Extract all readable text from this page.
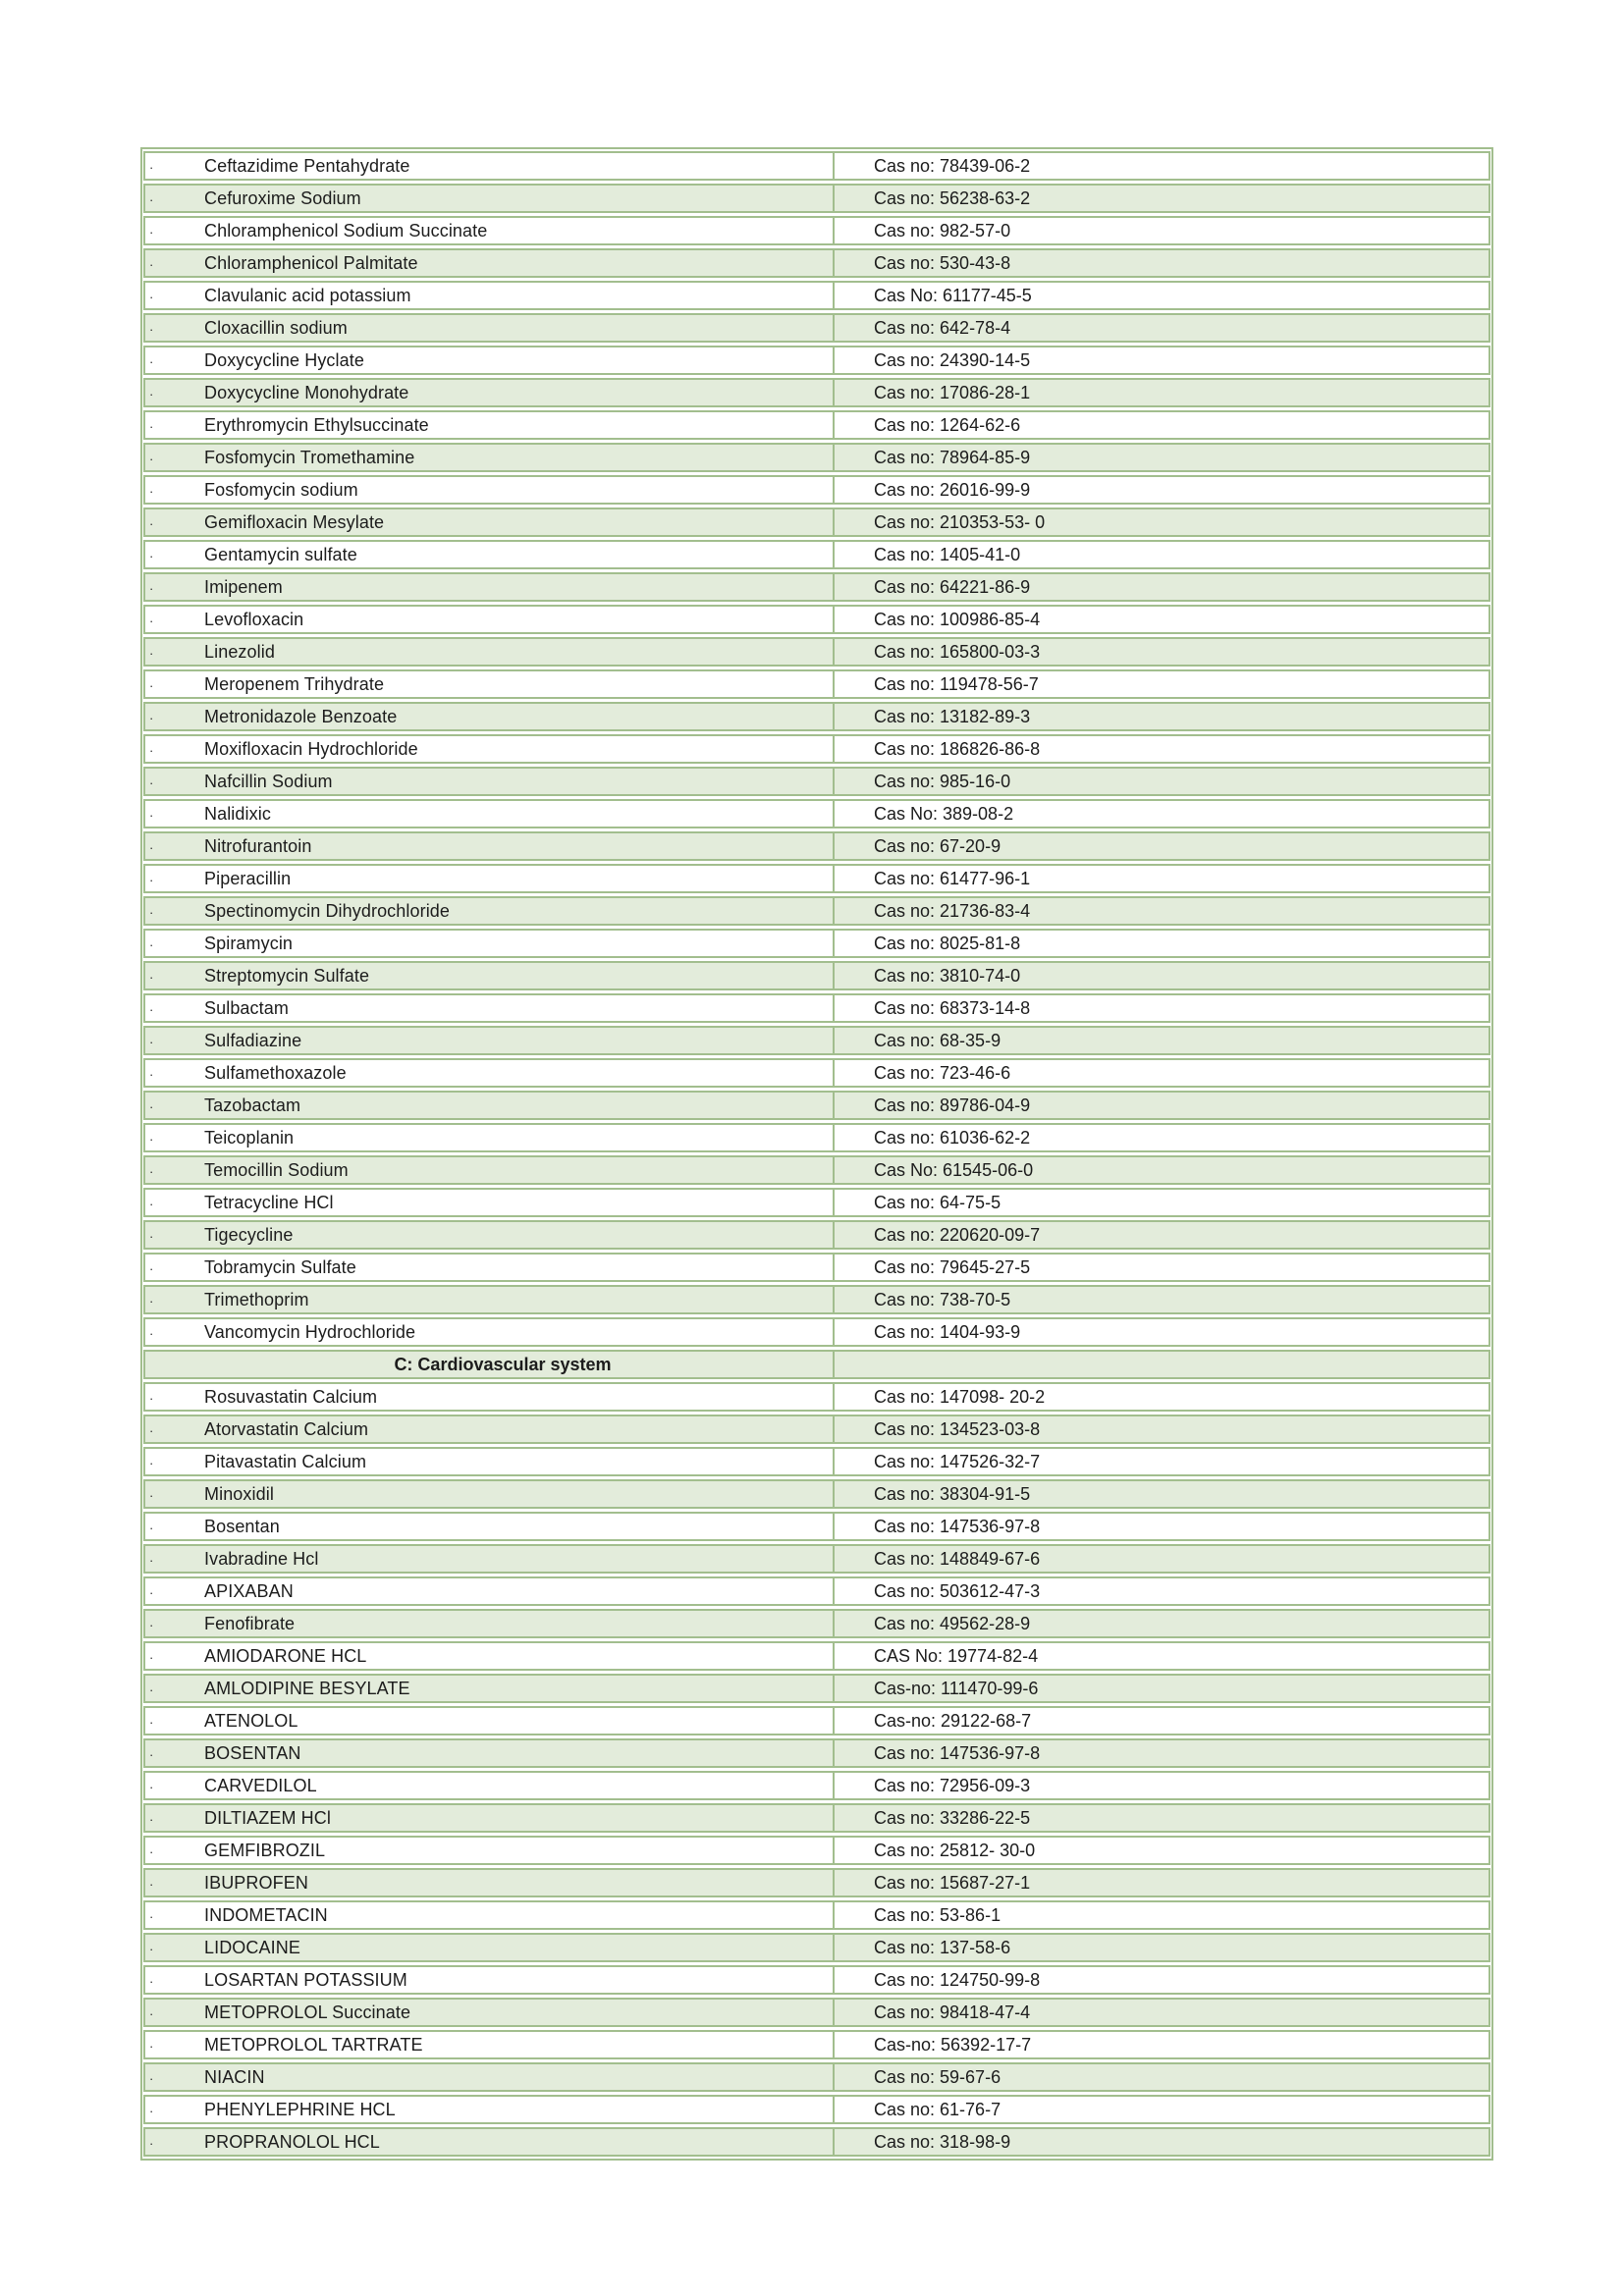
·	Ceftazidime Pentahydrate	Cas no: 78439-06-2
·	Cefuroxime Sodium	Cas no: 56238-63-2
·	Chloramphenicol Sodium Succinate	Cas no: 982-57-0
·	Chloramphenicol Palmitate	Cas no: 530-43-8
·	Clavulanic acid potassium	Cas No: 61177-45-5
·	Cloxacillin sodium	Cas no: 642-78-4
·	Doxycycline Hyclate	Cas no: 24390-14-5
·	Doxycycline Monohydrate	Cas no: 17086-28-1
·	Erythromycin Ethylsuccinate	Cas no: 1264-62-6
·	Fosfomycin Tromethamine	Cas no: 78964-85-9
·	Fosfomycin sodium	Cas no: 26016-99-9
·	Gemifloxacin Mesylate	Cas no: 210353-53- 0
·	Gentamycin sulfate	Cas no: 1405-41-0
·	Imipenem	Cas no: 64221-86-9
·	Levofloxacin	Cas no: 100986-85-4
·	Linezolid	Cas no: 165800-03-3
·	Meropenem Trihydrate	Cas no: 119478-56-7
·	Metronidazole Benzoate	Cas no: 13182-89-3
·	Moxifloxacin Hydrochloride	Cas no: 186826-86-8
·	Nafcillin Sodium	Cas no: 985-16-0
·	Nalidixic	Cas No: 389-08-2
·	Nitrofurantoin	Cas no: 67-20-9
·	Piperacillin	Cas no: 61477-96-1
·	Spectinomycin Dihydrochloride	Cas no: 21736-83-4
·	Spiramycin	Cas no: 8025-81-8
·	Streptomycin Sulfate	Cas no: 3810-74-0
·	Sulbactam	Cas no: 68373-14-8
·	Sulfadiazine	Cas no: 68-35-9
·	Sulfamethoxazole	Cas no: 723-46-6
·	Tazobactam	Cas no: 89786-04-9
·	Teicoplanin	Cas no: 61036-62-2
·	Temocillin Sodium	Cas No: 61545-06-0
·	Tetracycline HCl	Cas no: 64-75-5
·	Tigecycline	Cas no: 220620-09-7
·	Tobramycin Sulfate	Cas no: 79645-27-5
·	Trimethoprim	Cas no: 738-70-5
·	Vancomycin Hydrochloride	Cas no: 1404-93-9
C: Cardiovascular system
·	Rosuvastatin Calcium	Cas no: 147098- 20-2
·	Atorvastatin Calcium	Cas no: 134523-03-8
·	Pitavastatin Calcium	Cas no: 147526-32-7
·	Minoxidil	Cas no: 38304-91-5
·	Bosentan	Cas no: 147536-97-8
·	Ivabradine Hcl	Cas no: 148849-67-6
·	APIXABAN	Cas no: 503612-47-3
·	Fenofibrate	Cas no: 49562-28-9
·	AMIODARONE HCL	CAS No: 19774-82-4
·	AMLODIPINE BESYLATE	Cas-no: 111470-99-6
·	ATENOLOL	Cas-no: 29122-68-7
·	BOSENTAN	Cas no: 147536-97-8
·	CARVEDILOL	Cas no: 72956-09-3
·	DILTIAZEM HCl	Cas no: 33286-22-5
·	GEMFIBROZIL	Cas no: 25812- 30-0
·	IBUPROFEN	Cas no: 15687-27-1
·	INDOMETACIN	Cas no: 53-86-1
·	LIDOCAINE	Cas no: 137-58-6
·	LOSARTAN POTASSIUM	Cas no: 124750-99-8
·	METOPROLOL Succinate	Cas no: 98418-47-4
·	METOPROLOL TARTRATE	Cas-no: 56392-17-7
·	NIACIN	Cas no: 59-67-6
·	PHENYLEPHRINE HCL	Cas no: 61-76-7
·	PROPRANOLOL HCL	Cas no: 318-98-9
